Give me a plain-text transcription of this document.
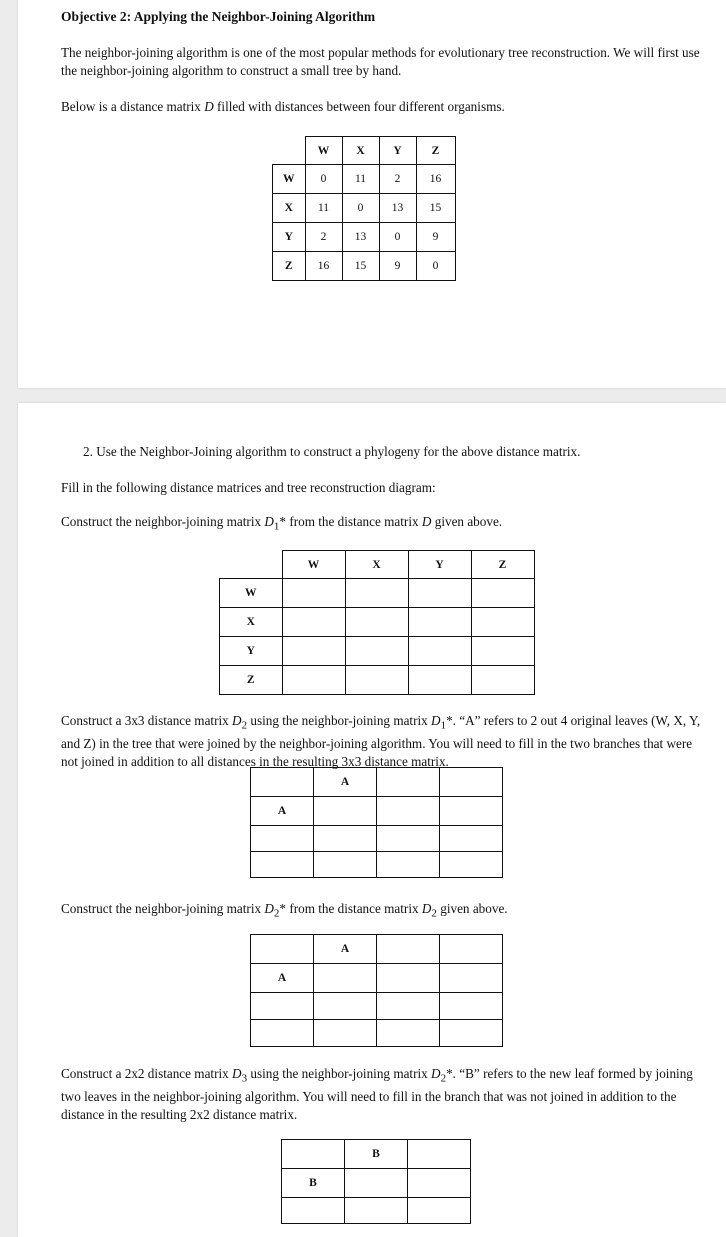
Objective 2: Applying the Neighbor-Joining Algorithm

The neighbor-joining algorithm is one of the most popular methods for evolutionary tree reconstruction. We will first use the neighbor-joining algorithm to construct a small tree by hand.

Below is a distance matrix D filled with distances between four different organisms.

	W	X	Y	Z
W	0	11	2	16
X	11	0	13	15
Y	2	13	0	9
Z	16	15	9	0

2. Use the Neighbor-Joining algorithm to construct a phylogeny for the above distance matrix.

Fill in the following distance matrices and tree reconstruction diagram:

Construct the neighbor-joining matrix $D_1*$ from the distance matrix D given above.

	W	X	Y	Z
W				
X				
Y				
Z				

Construct a 3x3 distance matrix $D_2$ using the neighbor-joining matrix $D_1*$. “A” refers to 2 out 4 original leaves (W, X, Y, and Z) in the tree that were joined by the neighbor-joining algorithm. You will need to fill in the two branches that were not joined in addition to all distances in the resulting 3x3 distance matrix.

	A		
A			

Construct the neighbor-joining matrix $D_2*$ from the distance matrix $D_2$ given above.

	A		
A			

Construct a 2x2 distance matrix $D_3$ using the neighbor-joining matrix $D_2*$. “B” refers to the new leaf formed by joining two leaves in the neighbor-joining algorithm. You will need to fill in the branch that was not joined in addition to the distance in the resulting 2x2 distance matrix.

	B	
B		
